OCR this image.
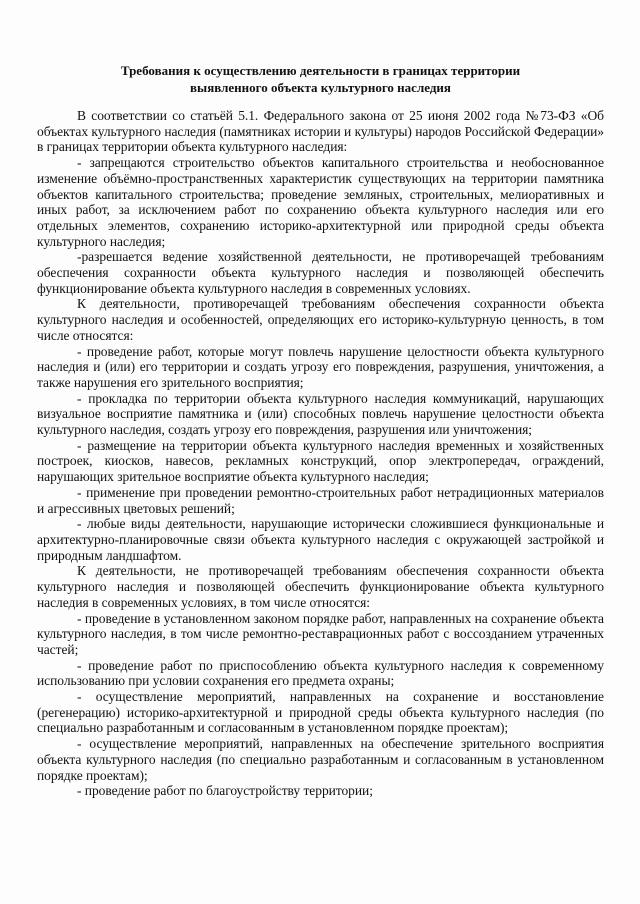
Требования к осуществлению деятельности в границах территории
выявленного объекта культурного наследия

В соответствии со статьёй 5.1. Федерального закона от 25 июня 2002 года №73-ФЗ «Об объектах культурного наследия (памятниках истории и культуры) народов Российской Федерации» в границах территории объекта культурного наследия:

- запрещаются строительство объектов капитального строительства и необоснованное изменение объёмно-пространственных характеристик существующих на территории памятника объектов капитального строительства; проведение земляных, строительных, мелиоративных и иных работ, за исключением работ по сохранению объекта культурного наследия или его отдельных элементов, сохранению историко-архитектурной или природной среды объекта культурного наследия;

-разрешается ведение хозяйственной деятельности, не противоречащей требованиям обеспечения сохранности объекта культурного наследия и позволяющей обеспечить функционирование объекта культурного наследия в современных условиях.

К деятельности, противоречащей требованиям обеспечения сохранности объекта культурного наследия и особенностей, определяющих его историко-культурную ценность, в том числе относятся:

- проведение работ, которые могут повлечь нарушение целостности объекта культурного наследия и (или) его территории и создать угрозу его повреждения, разрушения, уничтожения, а также нарушения его зрительного восприятия;

- прокладка по территории объекта культурного наследия коммуникаций, нарушающих визуальное восприятие памятника и (или) способных повлечь нарушение целостности объекта культурного наследия, создать угрозу его повреждения, разрушения или уничтожения;

- размещение на территории объекта культурного наследия временных и хозяйственных построек, киосков, навесов, рекламных конструкций, опор электропередач, ограждений, нарушающих зрительное восприятие объекта культурного наследия;

- применение при проведении ремонтно-строительных работ нетрадиционных материалов и агрессивных цветовых решений;

- любые виды деятельности, нарушающие исторически сложившиеся функциональные и архитектурно-планировочные связи объекта культурного наследия с окружающей застройкой и природным ландшафтом.

К деятельности, не противоречащей требованиям обеспечения сохранности объекта культурного наследия и позволяющей обеспечить функционирование объекта культурного наследия в современных условиях, в том числе относятся:

- проведение в установленном законом порядке работ, направленных на сохранение объекта культурного наследия, в том числе ремонтно-реставрационных работ с воссозданием утраченных частей;

- проведение работ по приспособлению объекта культурного наследия к современному использованию при условии сохранения его предмета охраны;

- осуществление мероприятий, направленных на сохранение и восстановление (регенерацию) историко-архитектурной и природной среды объекта культурного наследия (по специально разработанным и согласованным в установленном порядке проектам);

- осуществление мероприятий, направленных на обеспечение зрительного восприятия объекта культурного наследия (по специально разработанным и согласованным в установленном порядке проектам);

- проведение работ по благоустройству территории;
